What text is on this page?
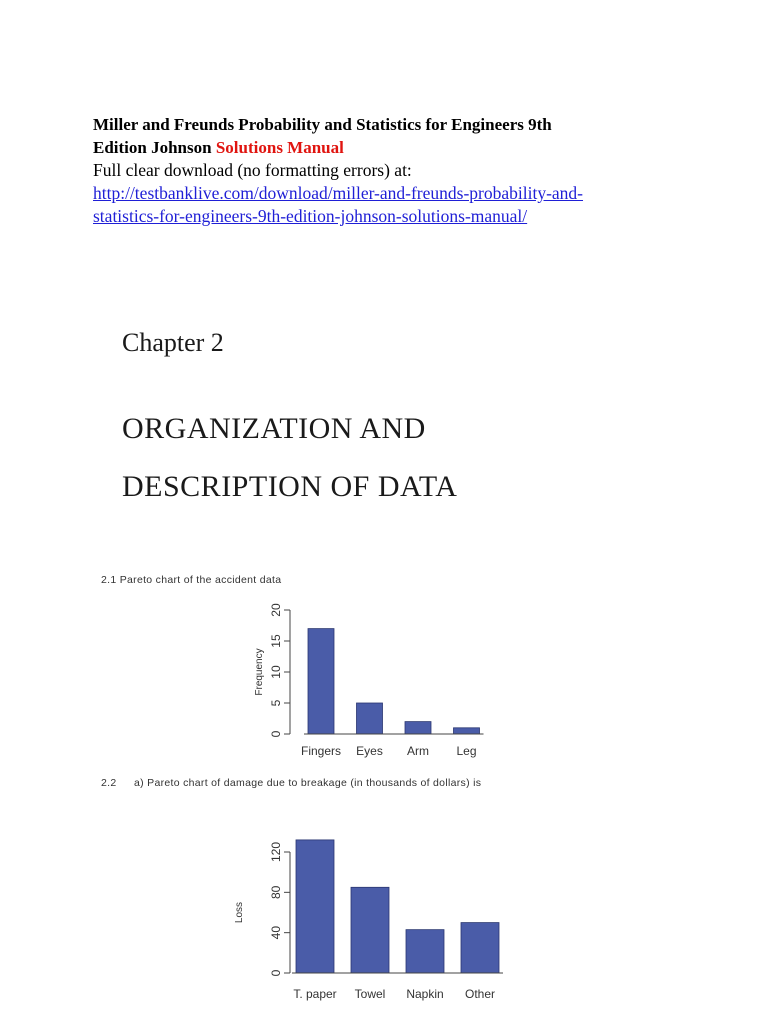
Miller and Freunds Probability and Statistics for Engineers 9th
Edition Johnson Solutions Manual

Full clear download (no formatting errors) at:

http://testbanklive.com/download/miller-and-freunds-probability-and-
statistics-for-engineers-9th-edition-johnson-solutions-manual/
Chapter 2
ORGANIZATION AND
DESCRIPTION OF DATA
2.1 Pareto chart of the accident data
2.2 a) Pareto chart of damage due to breakage (in thousands of dollars) is
0
5
10
15
20
Frequency
Fingers Eyes Arm Leg
0
40
80
120
Loss
T. paper Towel Napkin Other
